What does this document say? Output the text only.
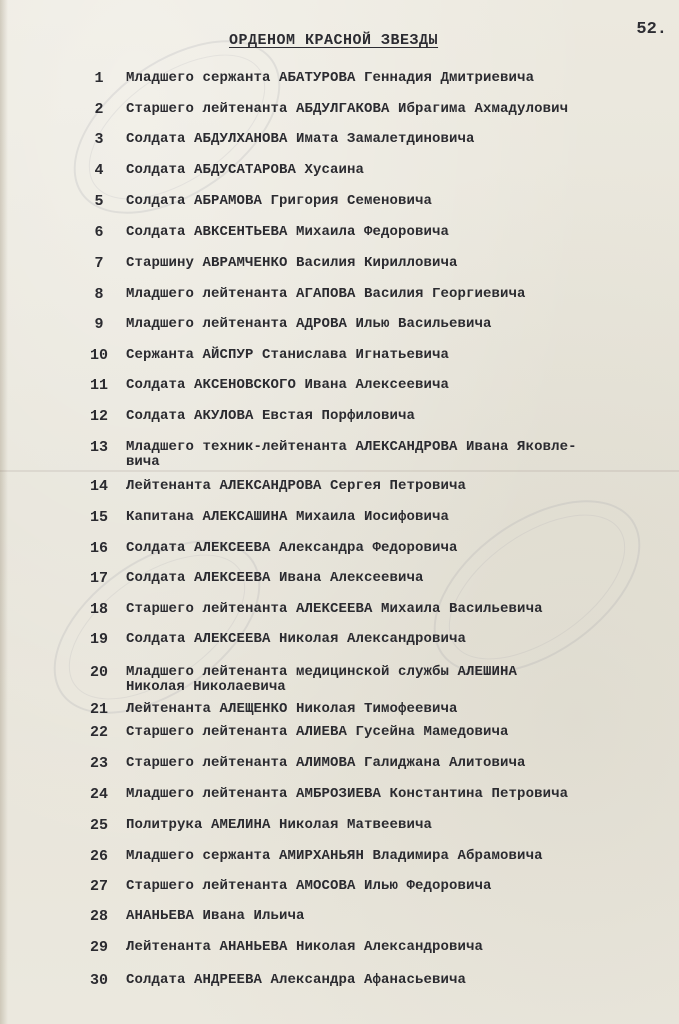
52.
ОРДЕНОМ КРАСНОЙ ЗВЕЗДЫ
1	Младшего сержанта АБАТУРОВА Геннадия Дмитриевича
2	Старшего лейтенанта АБДУЛГАКОВА Ибрагима Ахмадулович
3	Солдата АБДУЛХАНОВА Имата Замалетдиновича
4	Солдата АБДУСАТАРОВА Хусаина
5	Солдата АБРАМОВА Григория Семеновича
6	Солдата АВКСЕНТЬЕВА Михаила Федоровича
7	Старшину АВРАМЧЕНКО Василия Кирилловича
8	Младшего лейтенанта АГАПОВА Василия Георгиевича
9	Младшего лейтенанта АДРОВА Илью Васильевича
10	Сержанта АЙСПУР Станислава Игнатьевича
11	Солдата АКСЕНОВСКОГО Ивана Алексеевича
12	Солдата АКУЛОВА Евстая Порфиловича
13	Младшего техник-лейтенанта АЛЕКСАНДРОВА Ивана Яковле-
вича
14	Лейтенанта АЛЕКСАНДРОВА Сергея Петровича
15	Капитана АЛЕКСАШИНА Михаила Иосифовича
16	Солдата АЛЕКСЕЕВА Александра Федоровича
17	Солдата АЛЕКСЕЕВА Ивана Алексеевича
18	Старшего лейтенанта АЛЕКСЕЕВА Михаила Васильевича
19	Солдата АЛЕКСЕЕВА Николая Александровича
20	Младшего лейтенанта медицинской службы АЛЕШИНА
Николая Николаевича
21	Лейтенанта АЛЕЩЕНКО Николая Тимофеевича
22	Старшего лейтенанта АЛИЕВА Гусейна Мамедовича
23	Старшего лейтенанта АЛИМОВА Галиджана Алитовича
24	Младшего лейтенанта АМБРОЗИЕВА Константина Петровича
25	Политрука АМЕЛИНА Николая Матвеевича
26	Младшего сержанта АМИРХАНЬЯН Владимира Абрамовича
27	Старшего лейтенанта АМОСОВА Илью Федоровича
28	АНАНЬЕВА Ивана Ильича
29	Лейтенанта АНАНЬЕВА Николая Александровича
30	Солдата АНДРЕЕВА Александра Афанасьевича
